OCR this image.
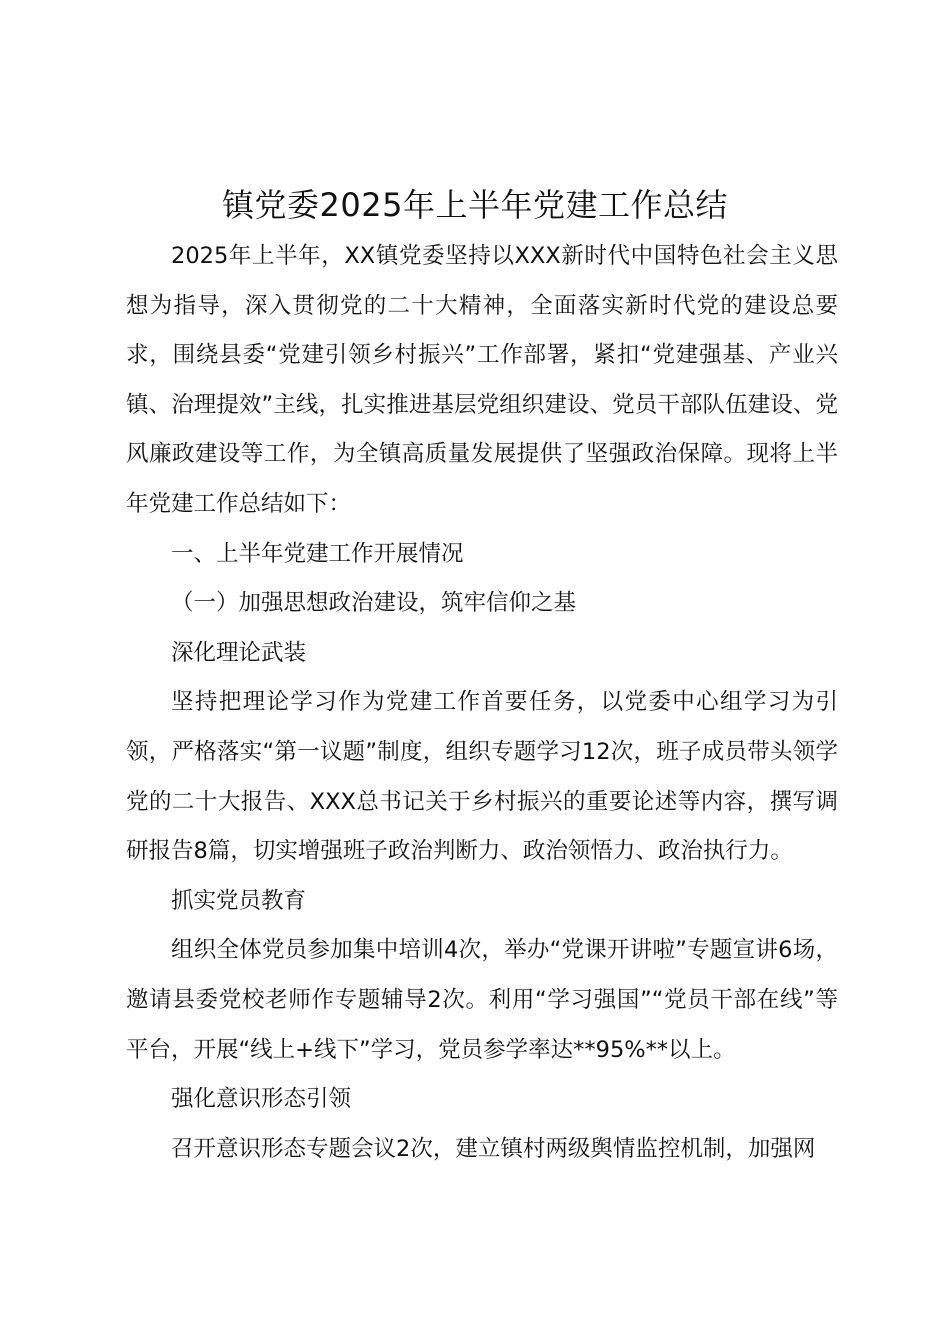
镇党委2025年上半年党建工作总结

2025年上半年，XX镇党委坚持以XXX新时代中国特色社会主义思想为指导，深入贯彻党的二十大精神，全面落实新时代党的建设总要求，围绕县委“党建引领乡村振兴”工作部署，紧扣“党建强基、产业兴镇、治理提效”主线，扎实推进基层党组织建设、党员干部队伍建设、党风廉政建设等工作，为全镇高质量发展提供了坚强政治保障。现将上半年党建工作总结如下：

一、上半年党建工作开展情况

（一）加强思想政治建设，筑牢信仰之基

深化理论武装

坚持把理论学习作为党建工作首要任务，以党委中心组学习为引领，严格落实“第一议题”制度，组织专题学习12次，班子成员带头领学党的二十大报告、XXX总书记关于乡村振兴的重要论述等内容，撰写调研报告8篇，切实增强班子政治判断力、政治领悟力、政治执行力。

抓实党员教育

组织全体党员参加集中培训4次，举办“党课开讲啦”专题宣讲6场，邀请县委党校老师作专题辅导2次。利用“学习强国”“党员干部在线”等平台，开展“线上+线下”学习，党员参学率达**95%**以上。

强化意识形态引领

召开意识形态专题会议2次，建立镇村两级舆情监控机制，加强网
